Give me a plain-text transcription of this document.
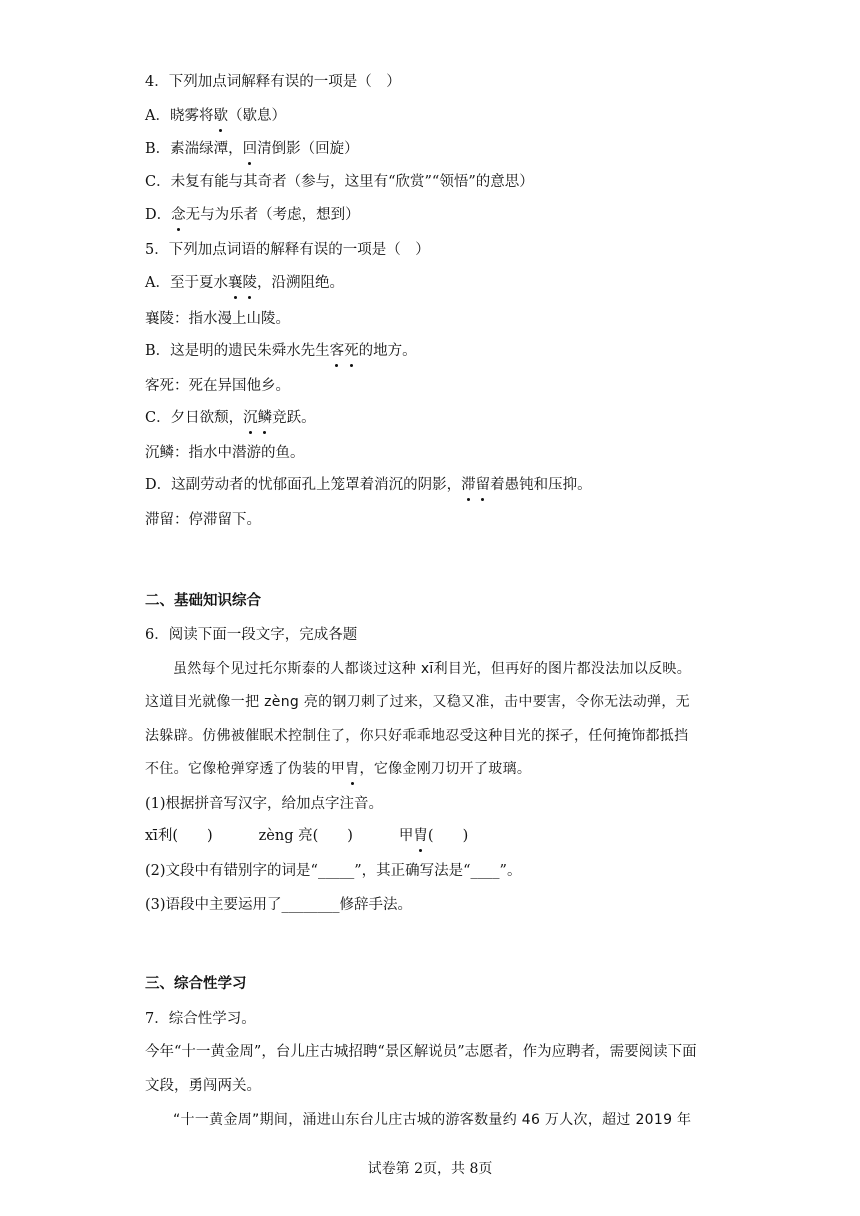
4．下列加点词解释有误的一项是（　）
A．晓雾将歇（歇息）
B．素湍绿潭，回清倒影（回旋）
C．未复有能与其奇者（参与，这里有“欣赏”“领悟”的意思）
D．念无与为乐者（考虑，想到）
5．下列加点词语的解释有误的一项是（　）
A．至于夏水襄陵，沿溯阻绝。
襄陵：指水漫上山陵。
B．这是明的遗民朱舜水先生客死的地方。
客死：死在异国他乡。
C．夕日欲颓，沉鳞竞跃。
沉鳞：指水中潜游的鱼。
D．这副劳动者的忧郁面孔上笼罩着消沉的阴影，滞留着愚钝和压抑。
滞留：停滞留下。
二、基础知识综合
6．阅读下面一段文字，完成各题
虽然每个见过托尔斯泰的人都谈过这种 xī利目光，但再好的图片都没法加以反映。
这道目光就像一把 zèng 亮的钢刀刺了过来，又稳又准，击中要害，令你无法动弹，无
法躲辟。仿佛被催眠术控制住了，你只好乖乖地忍受这种目光的探孑，任何掩饰都抵挡
不住。它像枪弹穿透了伪装的甲胄，它像金刚刀切开了玻璃。
(1)根据拼音写汉字，给加点字注音。
xī利(　　)	zèng 亮(　　)	甲胄(　　)
(2)文段中有错别字的词是“_____”，其正确写法是“____”。
(3)语段中主要运用了________修辞手法。
三、综合性学习
7．综合性学习。
今年“十一黄金周”，台儿庄古城招聘“景区解说员”志愿者，作为应聘者，需要阅读下面
文段，勇闯两关。
“十一黄金周”期间，涌进山东台儿庄古城的游客数量约 46 万人次，超过 2019 年
试卷第 2页，共 8页
